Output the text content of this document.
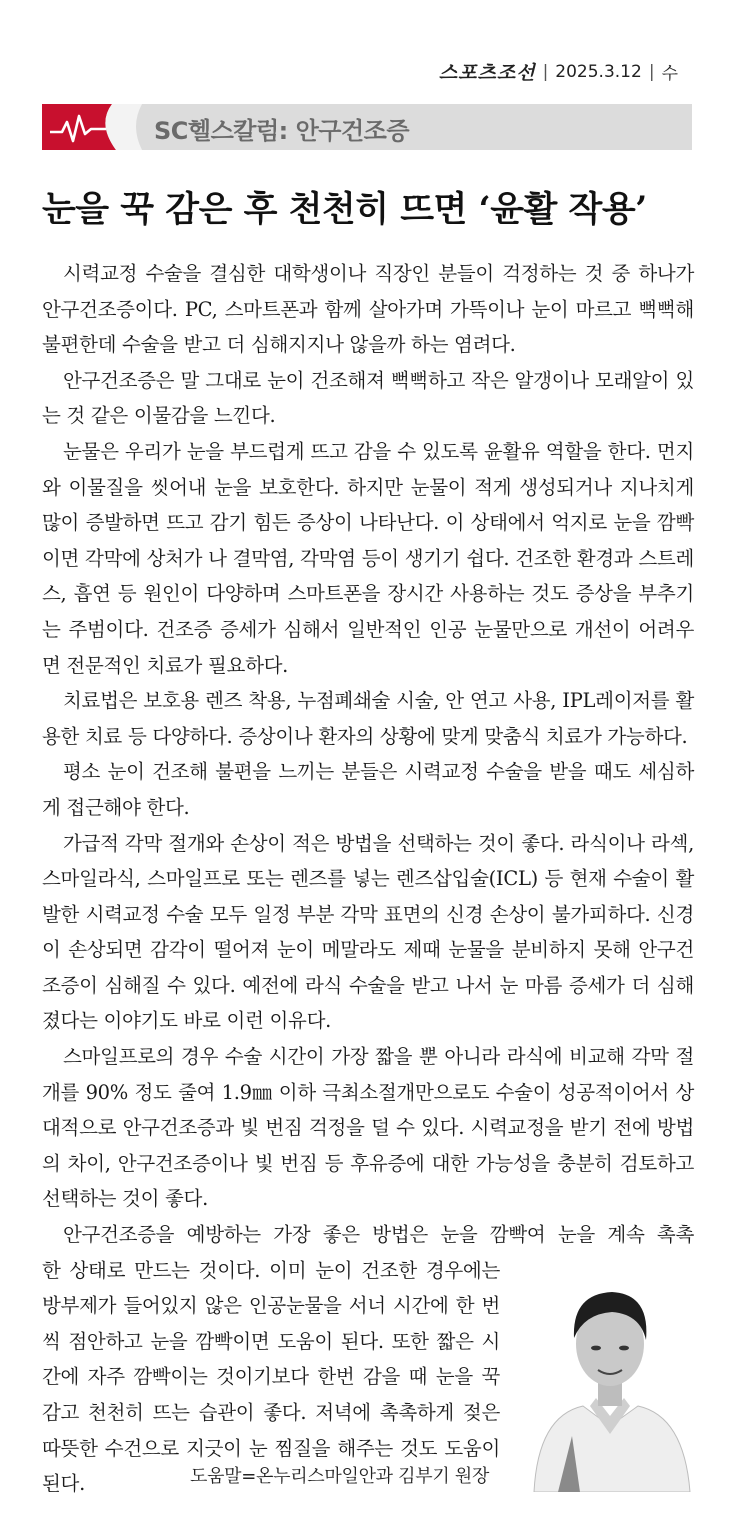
스포츠조선 | 2025.3.12 | 수
SC헬스칼럼: 안구건조증
눈을 꾹 감은 후 천천히 뜨면 ‘윤활 작용’

시력교정 수술을 결심한 대학생이나 직장인 분들이 걱정하는 것 중 하나가 안구건조증이다. PC, 스마트폰과 함께 살아가며 가뜩이나 눈이 마르고 뻑뻑해 불편한데 수술을 받고 더 심해지지나 않을까 하는 염려다.

안구건조증은 말 그대로 눈이 건조해져 뻑뻑하고 작은 알갱이나 모래알이 있는 것 같은 이물감을 느낀다.

눈물은 우리가 눈을 부드럽게 뜨고 감을 수 있도록 윤활유 역할을 한다. 먼지와 이물질을 씻어내 눈을 보호한다. 하지만 눈물이 적게 생성되거나 지나치게 많이 증발하면 뜨고 감기 힘든 증상이 나타난다. 이 상태에서 억지로 눈을 깜빡이면 각막에 상처가 나 결막염, 각막염 등이 생기기 쉽다. 건조한 환경과 스트레스, 흡연 등 원인이 다양하며 스마트폰을 장시간 사용하는 것도 증상을 부추기는 주범이다. 건조증 증세가 심해서 일반적인 인공 눈물만으로 개선이 어려우면 전문적인 치료가 필요하다.

치료법은 보호용 렌즈 착용, 누점폐쇄술 시술, 안 연고 사용, IPL레이저를 활용한 치료 등 다양하다. 증상이나 환자의 상황에 맞게 맞춤식 치료가 가능하다.

평소 눈이 건조해 불편을 느끼는 분들은 시력교정 수술을 받을 때도 세심하게 접근해야 한다.

가급적 각막 절개와 손상이 적은 방법을 선택하는 것이 좋다. 라식이나 라섹, 스마일라식, 스마일프로 또는 렌즈를 넣는 렌즈삽입술(ICL) 등 현재 수술이 활발한 시력교정 수술 모두 일정 부분 각막 표면의 신경 손상이 불가피하다. 신경이 손상되면 감각이 떨어져 눈이 메말라도 제때 눈물을 분비하지 못해 안구건조증이 심해질 수 있다. 예전에 라식 수술을 받고 나서 눈 마름 증세가 더 심해졌다는 이야기도 바로 이런 이유다.

스마일프로의 경우 수술 시간이 가장 짧을 뿐 아니라 라식에 비교해 각막 절개를 90% 정도 줄여 1.9㎜ 이하 극최소절개만으로도 수술이 성공적이어서 상대적으로 안구건조증과 빛 번짐 걱정을 덜 수 있다. 시력교정을 받기 전에 방법의 차이, 안구건조증이나 빛 번짐 등 후유증에 대한 가능성을 충분히 검토하고 선택하는 것이 좋다.

안구건조증을 예방하는 가장 좋은 방법은 눈을 깜빡여 눈을 계속 촉촉

한 상태로 만드는 것이다. 이미 눈이 건조한 경우에는 방부제가 들어있지 않은 인공눈물을 서너 시간에 한 번씩 점안하고 눈을 깜빡이면 도움이 된다. 또한 짧은 시간에 자주 깜빡이는 것이기보다 한번 감을 때 눈을 꾹 감고 천천히 뜨는 습관이 좋다. 저녁에 촉촉하게 젖은 따뜻한 수건으로 지긋이 눈 찜질을 해주는 것도 도움이 된다.	도움말=온누리스마일안과 김부기 원장
